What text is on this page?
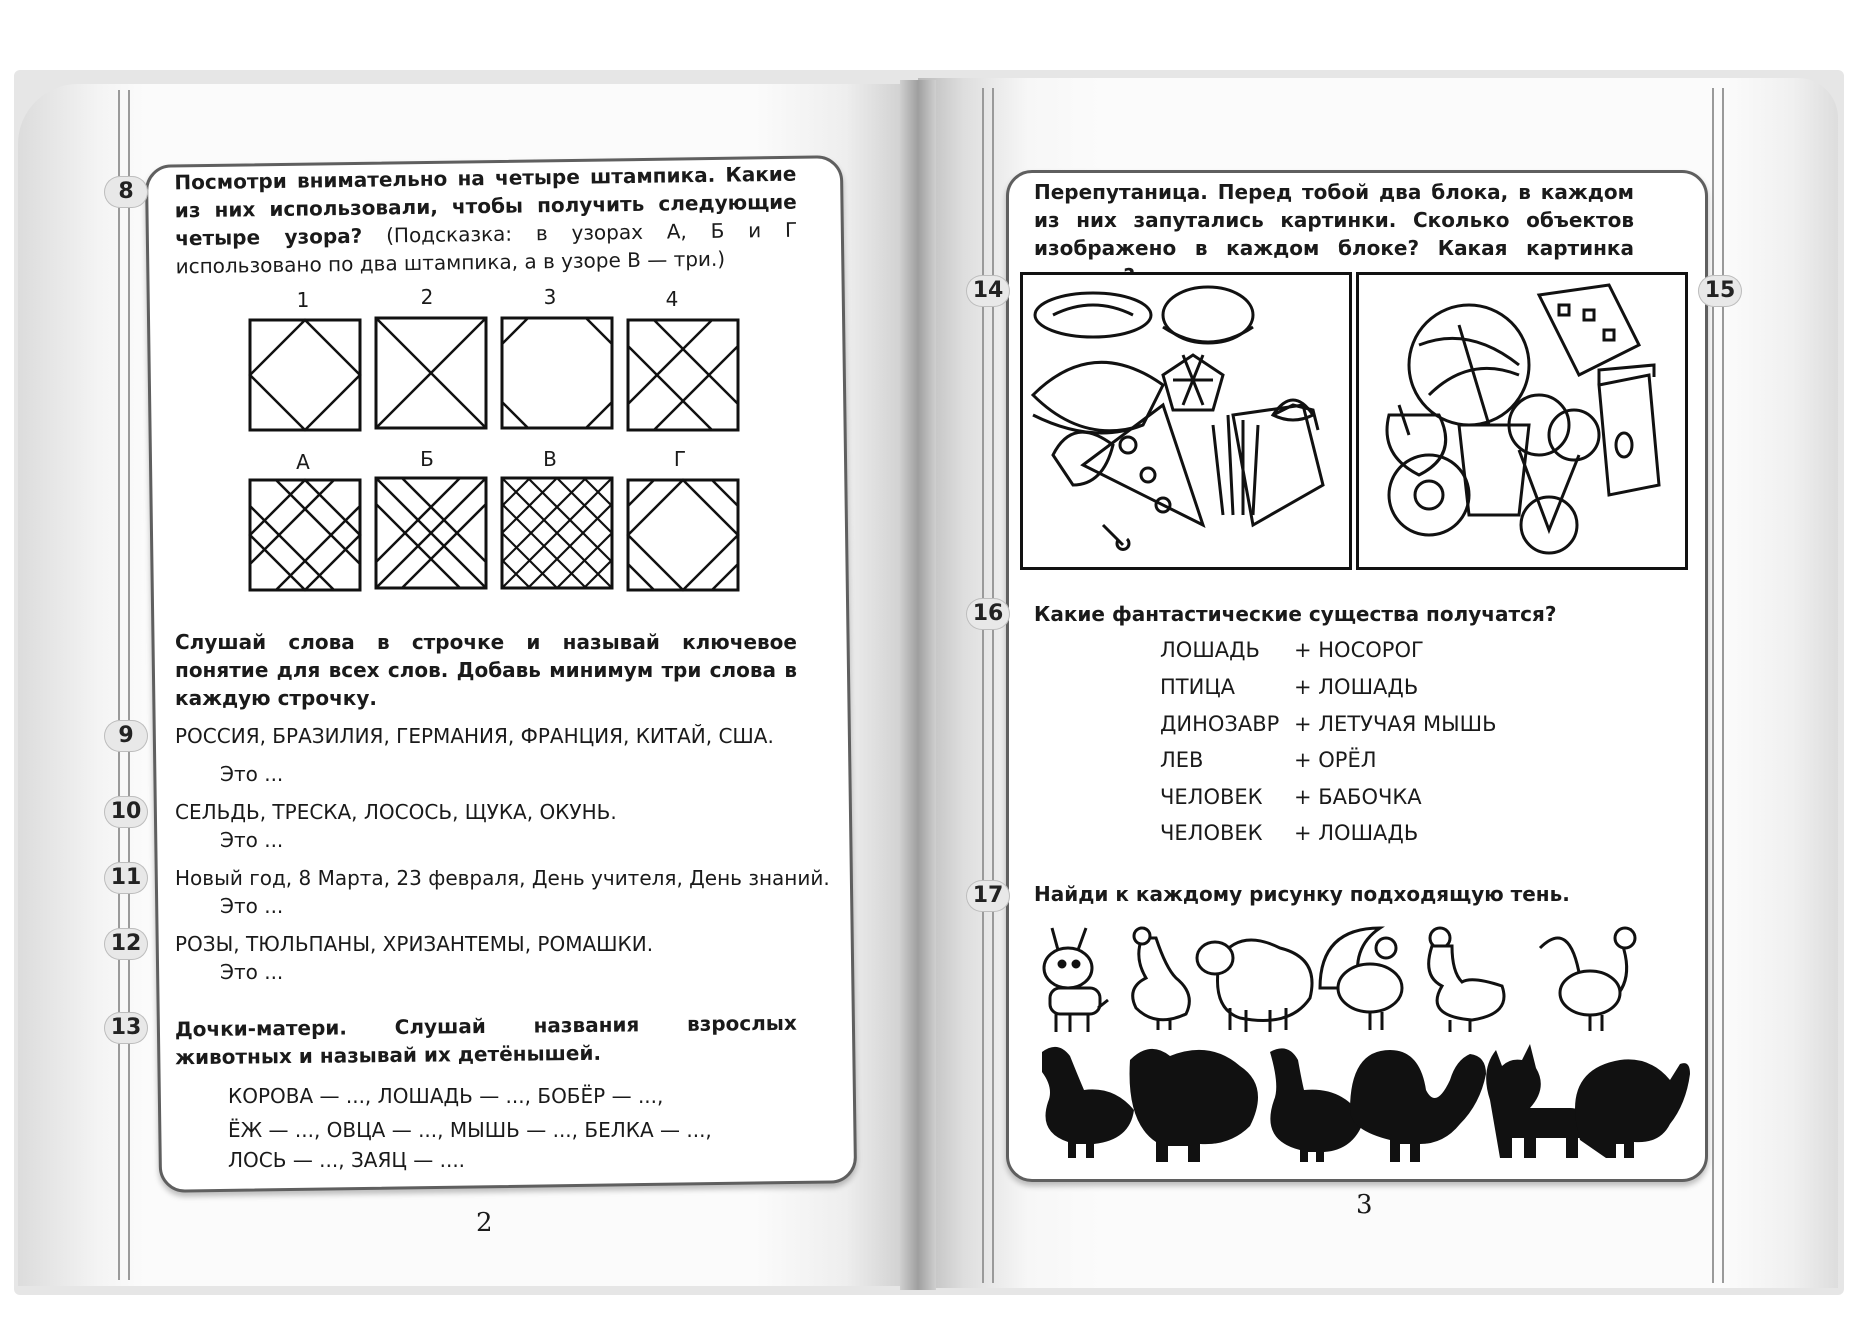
8	Посмотри внимательно на четыре штампика. Какие из них использовали, чтобы получить следующие четыре узора? (Подсказка: в узорах А, Б и Г использовано по два штампика, а в узоре В — три.)
1	2	3	4
А	Б	В	Г
Слушай слова в строчке и называй ключевое понятие для всех слов. Добавь минимум три слова в каждую строчку.
9	РОССИЯ, БРАЗИЛИЯ, ГЕРМАНИЯ, ФРАНЦИЯ, КИТАЙ, США.
Это ...
10	СЕЛЬДЬ, ТРЕСКА, ЛОСОСЬ, ЩУКА, ОКУНЬ.
Это ...
11	Новый год, 8 Марта, 23 февраля, День учителя, День знаний.
Это ...
12	РОЗЫ, ТЮЛЬПАНЫ, ХРИЗАНТЕМЫ, РОМАШКИ.
Это ...
13	Дочки-матери. Слушай названия взрослых животных и называй их детёнышей.
КОРОВА — ..., ЛОШАДЬ — ..., БОБЁР — ...,
ЁЖ — ..., ОВЦА — ..., МЫШЬ — ..., БЕЛКА — ...,
ЛОСЬ — ..., ЗАЯЦ — ....
2
Перепутаница. Перед тобой два блока, в каждом из них запутались картинки. Сколько объектов изображено в каждом блоке? Какая картинка
14	15
16	Какие фантастические существа получатся?
ЛОШАДЬ + НОСОРОГ
ПТИЦА	+ ЛОШАДЬ
ДИНОЗАВР + ЛЕТУЧАЯ МЫШЬ
ЛЕВ	+ ОРЁЛ
ЧЕЛОВЕК + БАБОЧКА
ЧЕЛОВЕК + ЛОШАДЬ
17	Найди к каждому рисунку подходящую тень.
3
